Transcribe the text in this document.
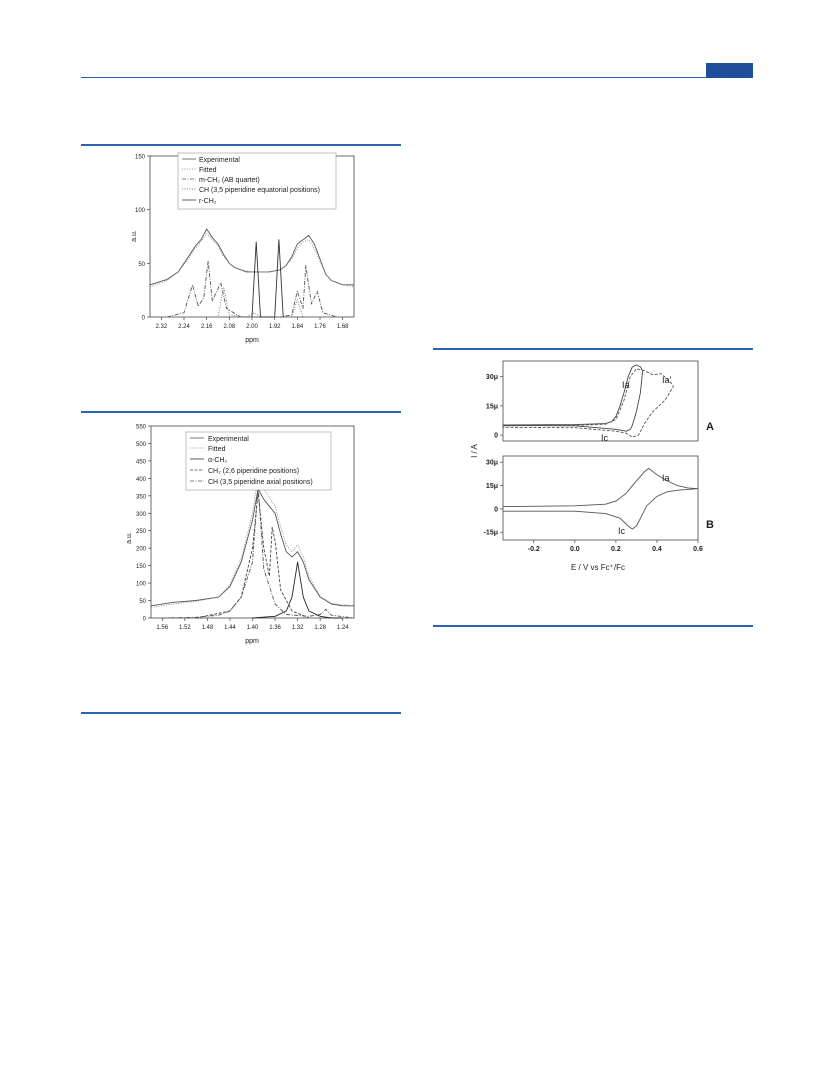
2.32 2.24 2.16 2.08 2.00 1.92 1.84 1.76 1.68
0
50
100
150
ppm
a.u.
Experimental
Fitted
m-CH₂ (AB quartet)
CH (3,5 piperidine equatorial positions)
r-CH₂
1.56 1.52 1.48 1.44 1.40 1.36 1.32 1.28 1.24
0
50
100
150
200
250
300
350
400
450
500
550
ppm
a.u.
Experimental
Fitted
α-CH₂
CH₂ (2,6 piperidine positions)
CH (3,5 piperidine axial positions)
0
15μ
30μ
-0.2	0.0	0.2	0.4	0.6
-15μ
0
15μ
30μ
I / A
E / V vs Fc⁺/Fc
A
B
Ia	Ia'
Ic
Ia
Ic
